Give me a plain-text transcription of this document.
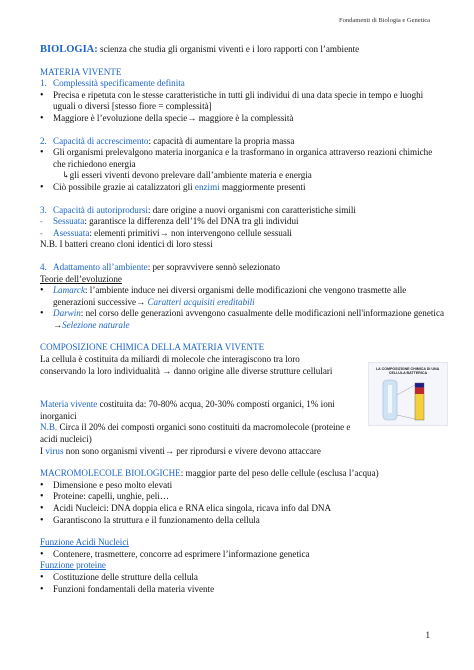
Fondamenti di Biologia e Genetica

BIOLOGIA: scienza che studia gli organismi viventi e i loro rapporti con l’ambiente

MATERIA VIVENTE

1. Complessità specificamente definita
•
Precisa e ripetuta con le stesse caratteristiche in tutti gli individui di una data specie in tempo e luoghi uguali o diversi [stesso fiore = complessità]
•
Maggiore è l’evoluzione della specie→ maggiore è la complessità
2. Capacità di accrescimento: capacità di aumentare la propria massa
•
Gli organismi prelevalgono materia inorganica e la trasformano in organica attraverso reazioni chimiche che richiedono energia

↳gli esseri viventi devono prelevare dall’ambiente materia e energia

•
Ciò possibile grazie ai catalizzatori gli enzimi maggiormente presenti
3. Capacità di autoriprodursi: dare origine a nuovi organismi con caratteristiche simili
-	Sessuata: garantisce la differenza dell’1% del DNA tra gli individui
-	Asessuata: elementi primitivi→ non intervengono cellule sessuali

N.B. I batteri creano cloni identici di loro stessi

4. Adattamento all’ambiente: per sopravvivere sennò selezionato

Teorie dell’evoluzione

•
Lamarck: l’ambiente induce nei diversi organismi delle modificazioni che vengono trasmette alle generazioni successive→ Caratteri acquisiti ereditabili
•
Darwin: nel corso delle generazioni avvengono casualmente delle modificazioni nell'informazione genetica →Selezione naturale

COMPOSIZIONE CHIMICA DELLA MATERIA VIVENTE

La cellula è costituita da miliardi di molecole che interagiscono tra loro conservando la loro individualità → danno origine alle diverse strutture cellulari

Materia vivente costituita da: 70-80% acqua, 20-30% composti organici, 1% ioni inorganici

N.B. Circa il 20% dei composti organici sono costituiti da macromolecole (proteine e acidi nucleici)

I virus non sono organismi viventi→ per riprodursi e vivere devono attaccare

MACROMOLECOLE BIOLOGICHE: maggior parte del peso delle cellule (esclusa l’acqua)

•
Dimensione e peso molto elevati
•
Proteine: capelli, unghie, peli…
•
Acidi Nucleici: DNA doppia elica e RNA elica singola, ricava info dal DNA
•
Garantiscono la struttura e il funzionamento della cellula

Funzione Acidi Nucleici

•
Contenere, trasmettere, concorre ad esprimere l’informazione genetica

Funzione proteine

•
Costituzione delle strutture della cellula
•
Funzioni fondamentali della materia vivente
LA COMPOSIZIONE CHIMICA DI UNA CELLULA BATTERICA
1
